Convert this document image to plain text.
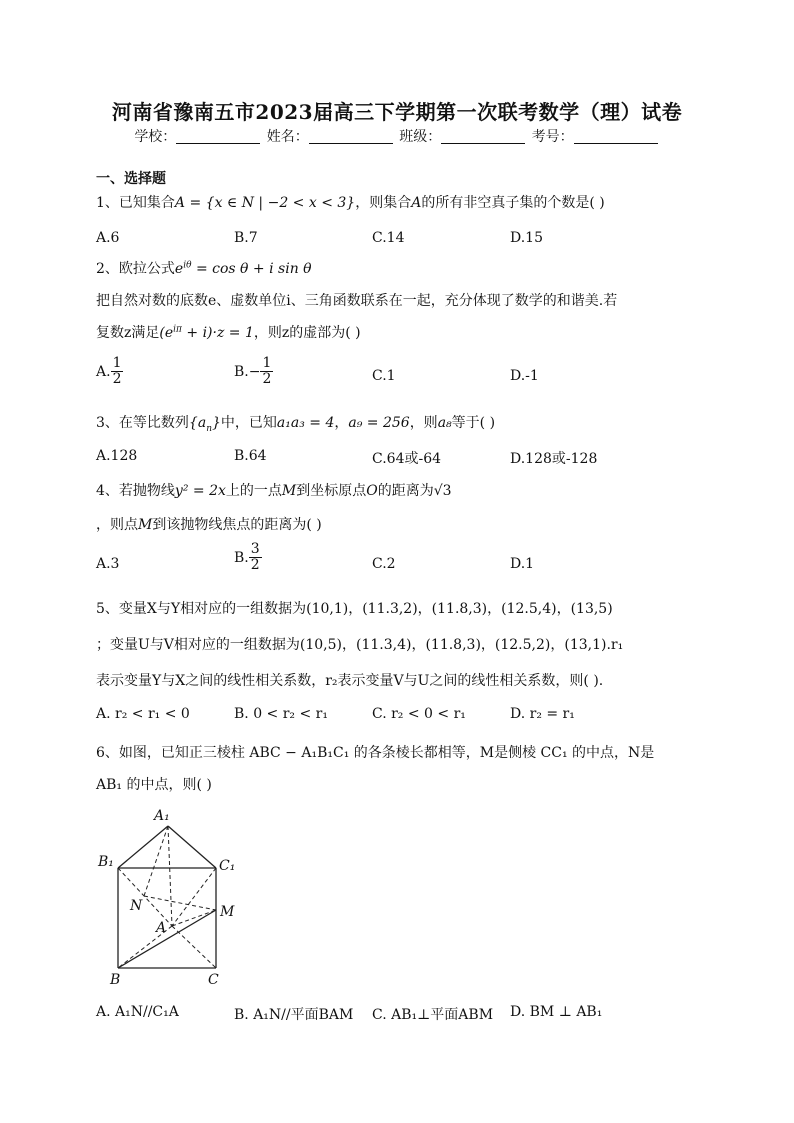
河南省豫南五市2023届高三下学期第一次联考数学（理）试卷
学校：	姓名：	班级：	考号：
一、选择题
1、已知集合A = {x ∈ N | −2 < x < 3}，则集合A的所有非空真子集的个数是( )
A.6	B.7	C.14	D.15
2、欧拉公式$e^{i\theta} = \cos \theta + i$ sin θ
把自然对数的底数e、虚数单位i、三角函数联系在一起，充分体现了数学的和谐美.若
复数z满足$(e^{i\pi} + i)\cdot z = 1$，则z的虚部为( )
A. $\frac{1}{2}$	$B.- \frac{1}{2}$	C.1	D.-1
3、在等比数列$\{a_n\}$中，已知a₁a₃ = 4，a₉ = 256，则a₈等于( )
A.128	B.64	C.64或-64	D.128或-128
4、若抛物线y² = 2x上的一点M到坐标原点O的距离为√3
，则点M到该抛物线焦点的距离为( )
A.3	B. $\frac{3}{2}$	C.2	D.1
5、变量X与Y相对应的一组数据为(10,1)，(11.3,2)，(11.8,3)，(12.5,4)，(13,5)
；变量U与V相对应的一组数据为(10,5)，(11.3,4)，(11.8,3)，(12.5,2)，(13,1).r₁
表示变量Y与X之间的线性相关系数，r₂表示变量V与U之间的线性相关系数，则( ).
A. r₂ < r₁ < 0	B. 0 < r₂ < r₁	C. r₂ < 0 < r₁	D. r₂ = r₁
6、如图，已知正三棱柱 ABC − A₁B₁C₁ 的各条棱长都相等，M是侧棱 CC₁ 的中点，N是
AB₁ 的中点，则( )
A₁
B₁	C₁
N
A
M
B	C
A. A₁N//C₁A	B. A₁N//平面BAM C. AB₁⊥平面ABM D. BM ⊥ AB₁
